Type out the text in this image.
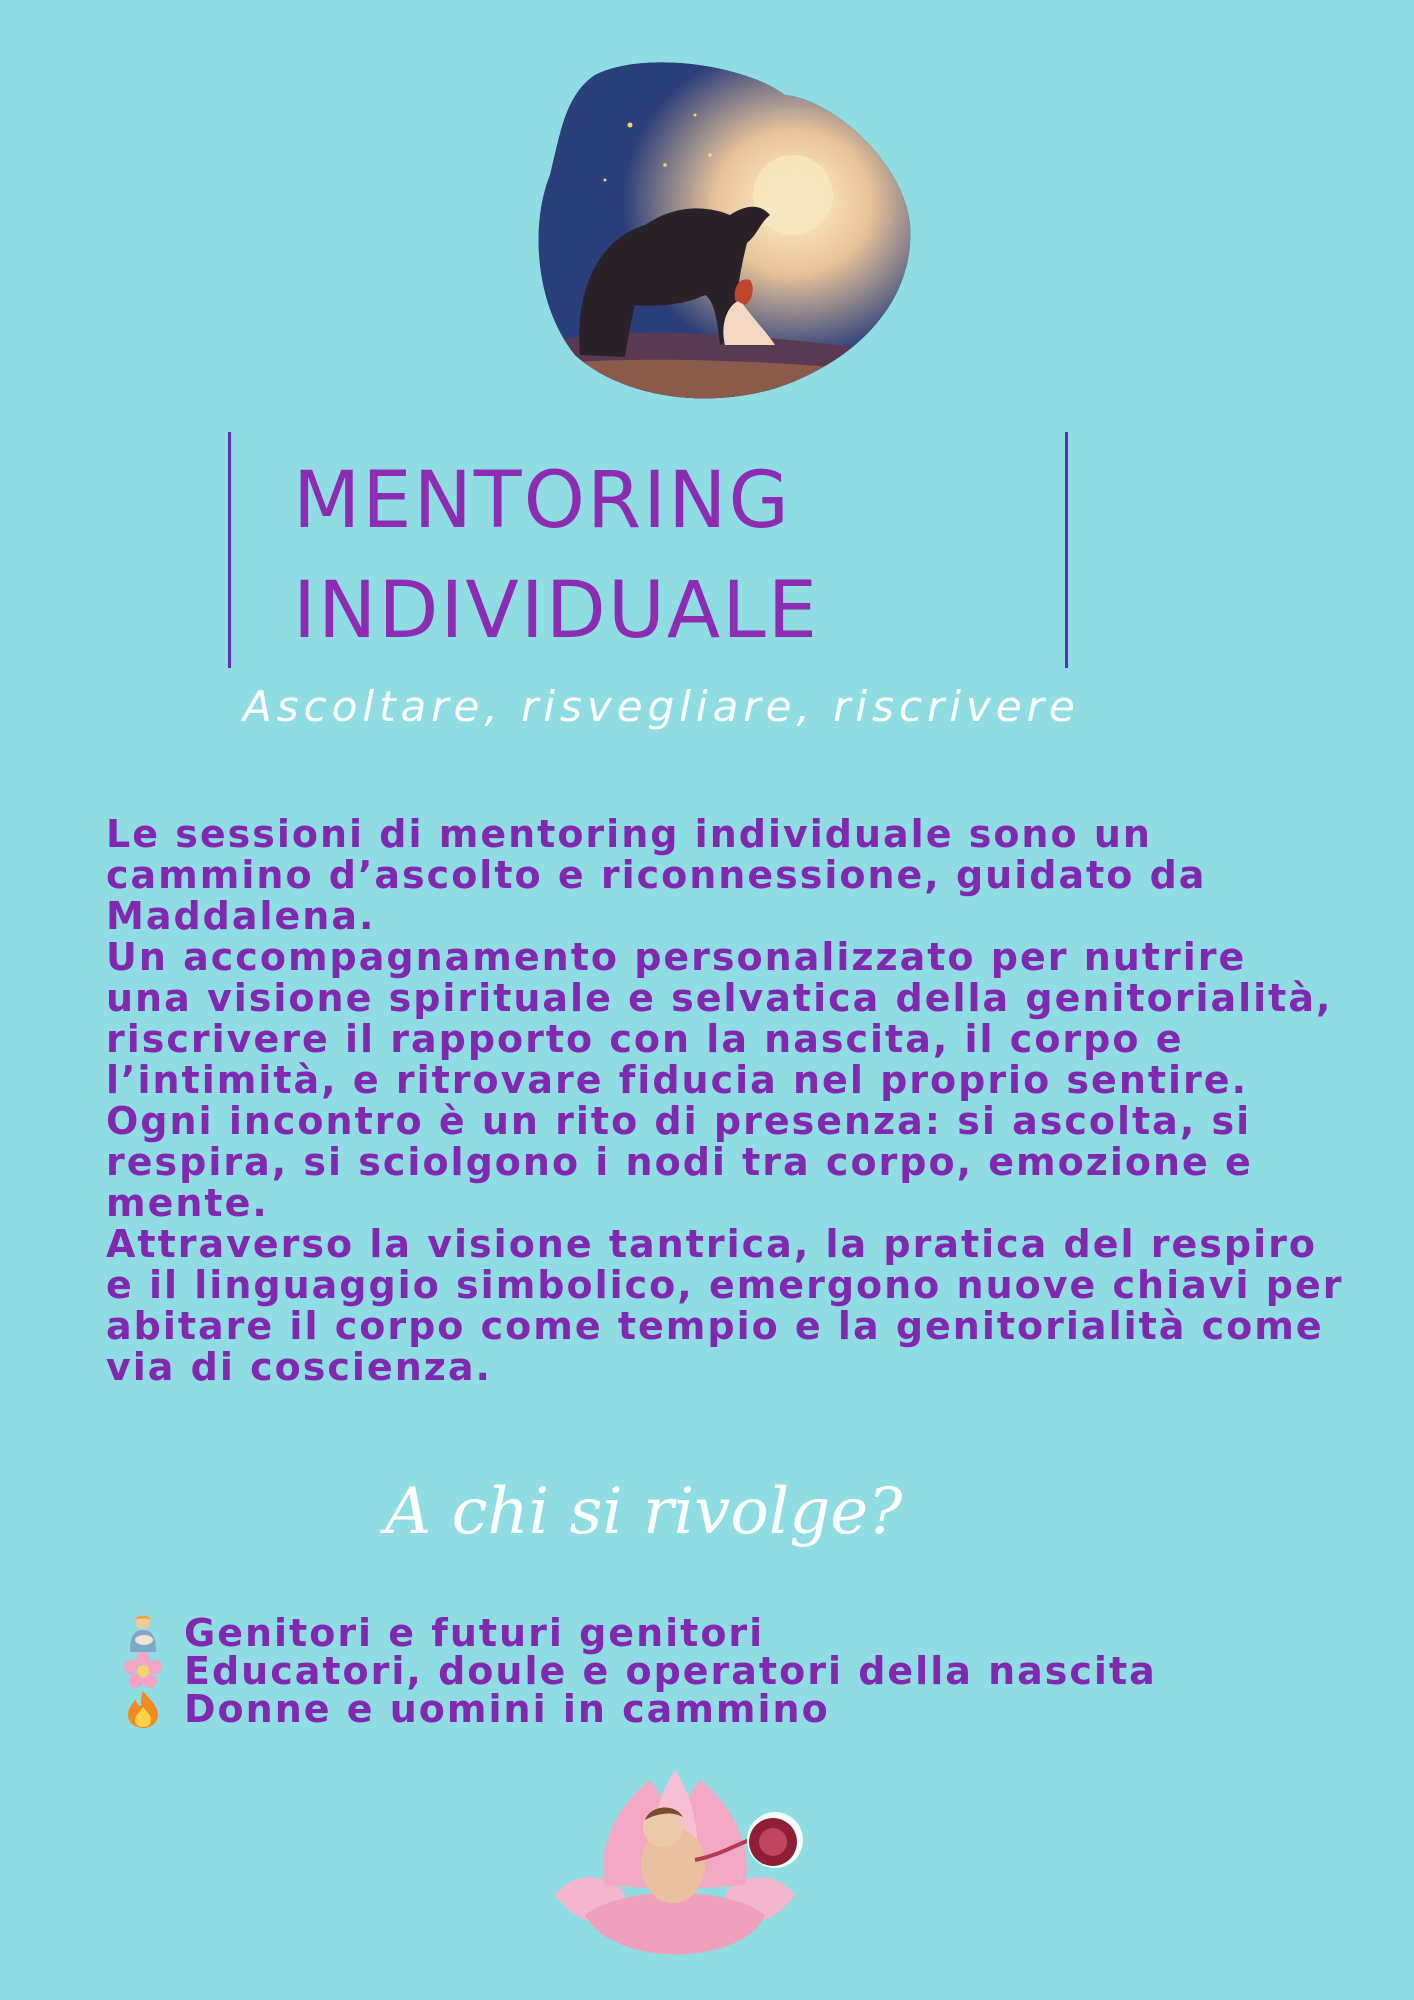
MENTORING
INDIVIDUALE

Ascoltare, risvegliare, riscrivere

Le sessioni di mentoring individuale sono un cammino d’ascolto e riconnessione, guidato da Maddalena.

Un accompagnamento personalizzato per nutrire una visione spirituale e selvatica della genitorialità, riscrivere il rapporto con la nascita, il corpo e l’intimità, e ritrovare fiducia nel proprio sentire.

Ogni incontro è un rito di presenza: si ascolta, si respira, si sciolgono i nodi tra corpo, emozione e mente.

Attraverso la visione tantrica, la pratica del respiro e il linguaggio simbolico, emergono nuove chiavi per abitare il corpo come tempio e la genitorialità come via di coscienza.

A chi si rivolge?
Genitori e futuri genitori
Educatori, doule e operatori della nascita
Donne e uomini in cammino
